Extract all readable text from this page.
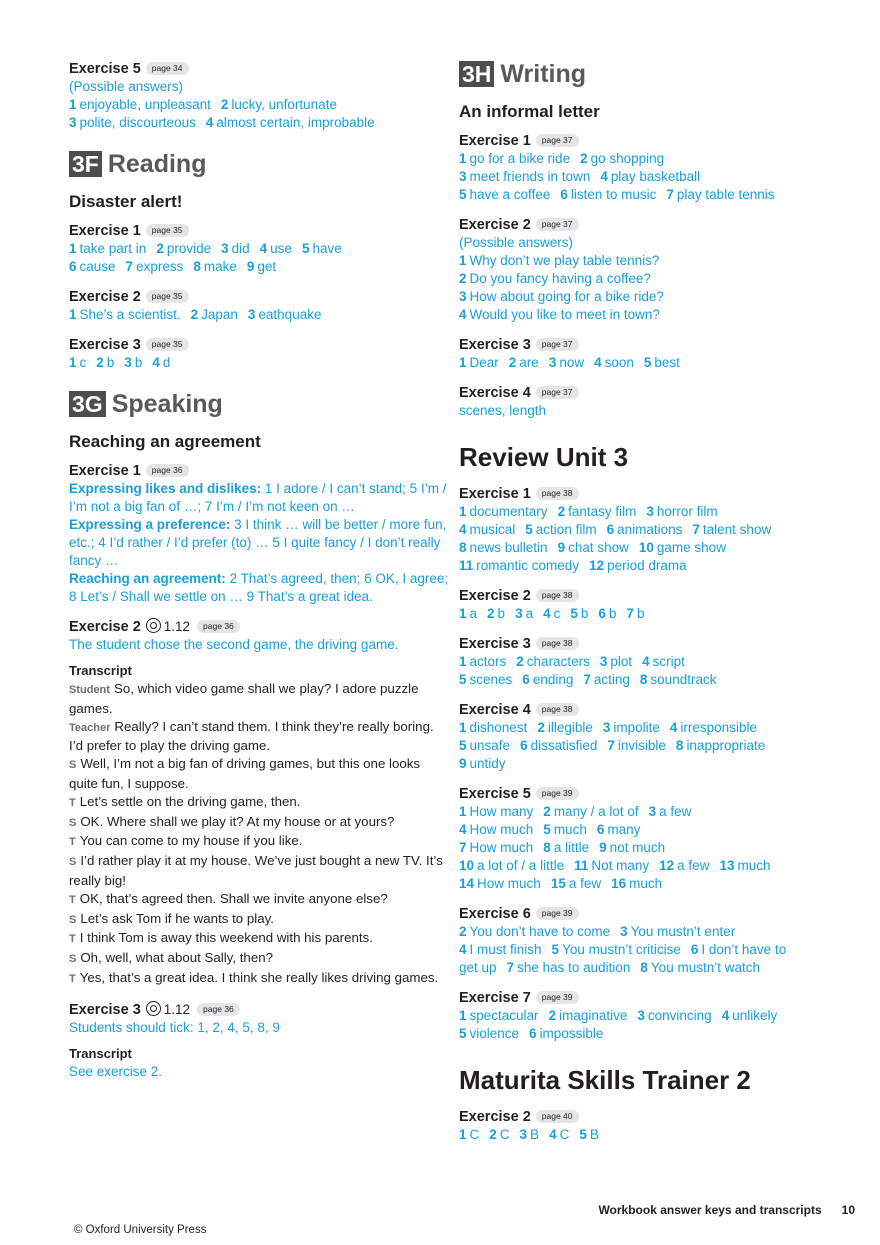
Exercise 5 page 34
(Possible answers)
1 enjoyable, unpleasant 2 lucky, unfortunate
3 polite, discourteous 4 almost certain, improbable
3F Reading
Disaster alert!
Exercise 1 page 35
1 take part in 2 provide 3 did 4 use 5 have
6 cause 7 express 8 make 9 get
Exercise 2 page 35
1 She’s a scientist. 2 Japan 3 eathquake
Exercise 3 page 35
1 c 2 b 3 b 4 d
3G Speaking
Reaching an agreement
Exercise 1 page 36
Expressing likes and dislikes: 1 I adore / I can’t stand; 5 I’m / I’m not a big fan of …; 7 I’m / I’m not keen on …
Expressing a preference: 3 I think … will be better / more fun, etc.; 4 I’d rather / I’d prefer (to) … 5 I quite fancy / I don’t really fancy …
Reaching an agreement: 2 That’s agreed, then; 6 OK, I agree; 8 Let’s / Shall we settle on … 9 That’s a great idea.
Exercise 2 1.12 page 36
The student chose the second game, the driving game.
Transcript
Student So, which video game shall we play? I adore puzzle games.
Teacher Really? I can’t stand them. I think they’re really boring. I’d prefer to play the driving game.
S Well, I’m not a big fan of driving games, but this one looks quite fun, I suppose.
T Let’s settle on the driving game, then.
S OK. Where shall we play it? At my house or at yours?
T You can come to my house if you like.
S I’d rather play it at my house. We’ve just bought a new TV. It’s really big!
T OK, that’s agreed then. Shall we invite anyone else?
S Let’s ask Tom if he wants to play.
T I think Tom is away this weekend with his parents.
S Oh, well, what about Sally, then?
T Yes, that’s a great idea. I think she really likes driving games.
Exercise 3 1.12 page 36
Students should tick: 1, 2, 4, 5, 8, 9
Transcript
See exercise 2.
3H Writing
An informal letter
Exercise 1 page 37
1 go for a bike ride 2 go shopping
3 meet friends in town 4 play basketball
5 have a coffee 6 listen to music 7 play table tennis
Exercise 2 page 37
(Possible answers)
1 Why don’t we play table tennis?
2 Do you fancy having a coffee?
3 How about going for a bike ride?
4 Would you like to meet in town?
Exercise 3 page 37
1 Dear 2 are 3 now 4 soon 5 best
Exercise 4 page 37
scenes, length
Review Unit 3
Exercise 1 page 38
1 documentary 2 fantasy film 3 horror film
4 musical 5 action film 6 animations 7 talent show
8 news bulletin 9 chat show 10 game show
11 romantic comedy 12 period drama
Exercise 2 page 38
1 a 2 b 3 a 4 c 5 b 6 b 7 b
Exercise 3 page 38
1 actors 2 characters 3 plot 4 script
5 scenes 6 ending 7 acting 8 soundtrack
Exercise 4 page 38
1 dishonest 2 illegible 3 impolite 4 irresponsible
5 unsafe 6 dissatisfied 7 invisible 8 inappropriate
9 untidy
Exercise 5 page 39
1 How many 2 many / a lot of 3 a few
4 How much 5 much 6 many
7 How much 8 a little 9 not much
10 a lot of / a little 11 Not many 12 a few 13 much
14 How much 15 a few 16 much
Exercise 6 page 39
2 You don’t have to come 3 You mustn’t enter
4 I must finish 5 You mustn’t criticise 6 I don’t have to
get up 7 she has to audition 8 You mustn’t watch
Exercise 7 page 39
1 spectacular 2 imaginative 3 convincing 4 unlikely
5 violence 6 impossible
Maturita Skills Trainer 2
Exercise 2 page 40
1 C 2 C 3 B 4 C 5 B
Workbook answer keys and transcripts 10
© Oxford University Press
